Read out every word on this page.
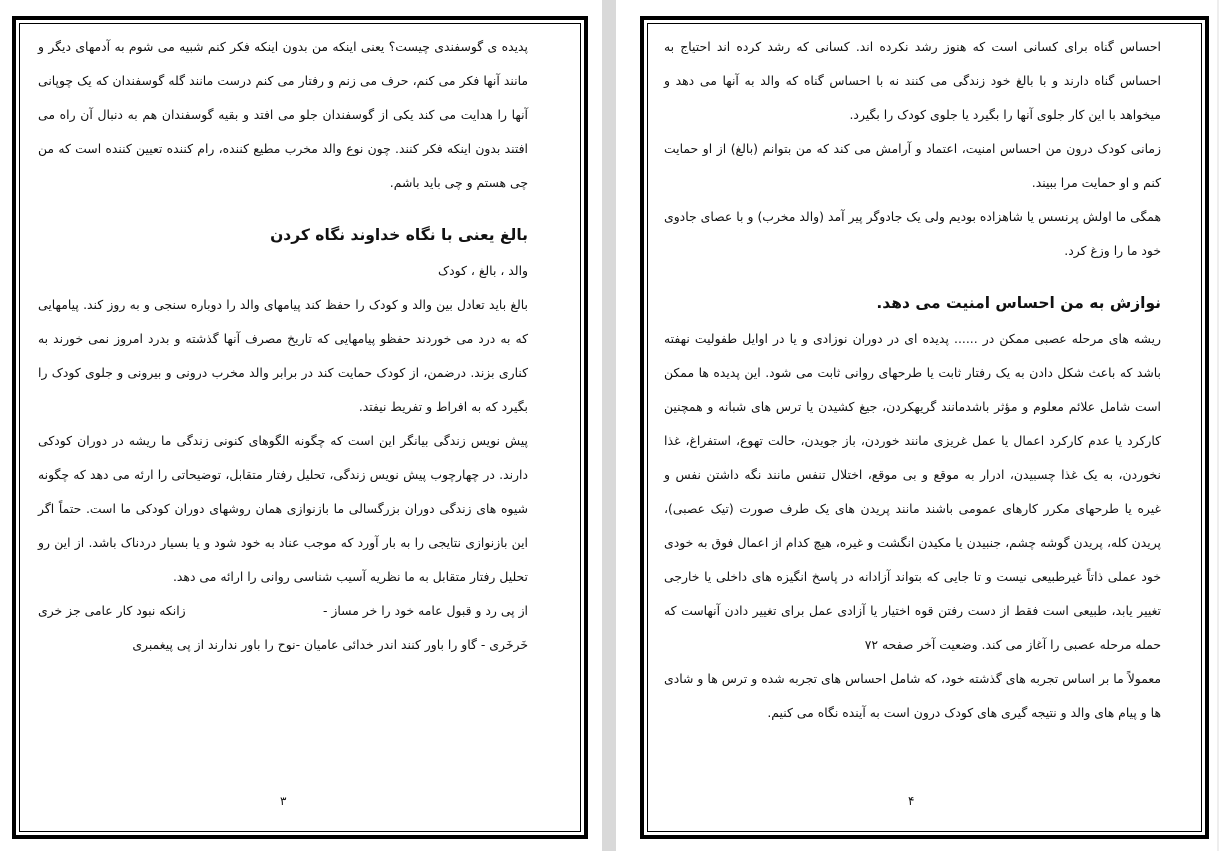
پدیده ی گوسفندی چیست؟ یعنی اینکه من بدون اینکه فکر کنم شبیه می شوم به آدمهای دیگر و مانند آنها فکر می کنم، حرف می زنم و رفتار می کنم درست مانند گله گوسفندان که یک چوپانی آنها را هدایت می کند یکی از گوسفندان جلو می افتد و بقیه گوسفندان هم به دنبال آن راه می افتند بدون اینکه فکر کنند. چون نوع والد مخرب مطیع کننده، رام کننده تعیین کننده است که من چی هستم و چی باید باشم.

بالغ یعنی با نگاه خداوند نگاه کردن

والد ، بالغ ، کودک

بالغ باید تعادل بین والد و کودک را حفظ کند پیامهای والد را دوباره سنجی و به روز کند. پیامهایی که به درد می خوردند حفظو پیامهایی که تاریخ مصرف آنها گذشته و بدرد امروز نمی خورند به کناری بزند. درضمن، از کودک حمایت کند در برابر والد مخرب درونی و بیرونی و جلوی کودک را بگیرد که به افراط و تفریط نیفتد.

پیش نویس زندگی بیانگر این است که چگونه الگوهای کنونی زندگی ما ریشه در دوران کودکی دارند. در چهارچوب پیش نویس زندگی، تحلیل رفتار متقابل، توضیحاتی را ارئه می دهد که چگونه شیوه های زندگی دوران بزرگسالی ما بازنوازی همان روشهای دوران کودکی ما است. حتماً اگر این بازنوازی نتایجی را به بار آورد که موجب عناد به خود شود و یا بسیار دردناک باشد. از این رو تحلیل رفتار متقابل به ما نظریه آسیب شناسی روانی را ارائه می دهد.

از پی رد و قبول عامه خود را خر مساز -
زانکه نبود کار عامی جز خری

خَرخَری - گاو را باور کنند اندر خدائی عامیان -نوح را باور ندارند از پی پیغمبری

۳

احساس گناه برای کسانی است که هنوز رشد نکرده اند. کسانی که رشد کرده اند احتیاج به احساس گناه دارند و با بالغ خود زندگی می کنند نه با احساس گناه که والد به آنها می دهد و میخواهد با این کار جلوی آنها را بگیرد یا جلوی کودک را بگیرد.

زمانی کودک درون من احساس امنیت، اعتماد و آرامش می کند که من بتوانم (بالغ) از او حمایت کنم و او حمایت مرا ببیند.

همگی ما اولش پرنسس یا شاهزاده بودیم ولی یک جادوگر پیر آمد (والد مخرب) و با عصای جادوی خود ما را وزغ کرد.

نوازش به من احساس امنیت می دهد.

ریشه های مرحله عصبی ممکن در ...... پدیده ای در دوران نوزادی و یا در اوایل طفولیت نهفته باشد که باعث شکل دادن به یک رفتار ثابت یا طرحهای روانی ثابت می شود. این پدیده ها ممکن است شامل علائم معلوم و مؤثر باشدمانند گریهکردن، جیغ کشیدن یا ترس های شبانه و همچنین کارکرد یا عدم کارکرد اعمال یا عمل غریزی مانند خوردن، باز جویدن، حالت تهوع، استفراغ، غذا نخوردن، به یک غذا چسبیدن، ادرار به موقع و بی موقع، اختلال تنفس مانند نگه داشتن نفس و غیره یا طرحهای مکرر کارهای عمومی باشند مانند پریدن های یک طرف صورت (تیک عصبی)، پریدن کله، پریدن گوشه چشم، جنبیدن یا مکیدن انگشت و غیره، هیچ کدام از اعمال فوق به خودی خود عملی ذاتاً غیرطبیعی نیست و تا جایی که بتواند آزادانه در پاسخ انگیزه های داخلی یا خارجی تغییر یابد، طبیعی است فقط از دست رفتن قوه اختیار یا آزادی عمل برای تغییر دادن آنهاست که حمله مرحله عصبی را آغاز می کند. وضعیت آخر صفحه ۷۲

معمولاً ما بر اساس تجربه های گذشته خود، که شامل احساس های تجربه شده و ترس ها و شادی ها و پیام های والد و نتیجه گیری های کودک درون است به آینده نگاه می کنیم.

۴
